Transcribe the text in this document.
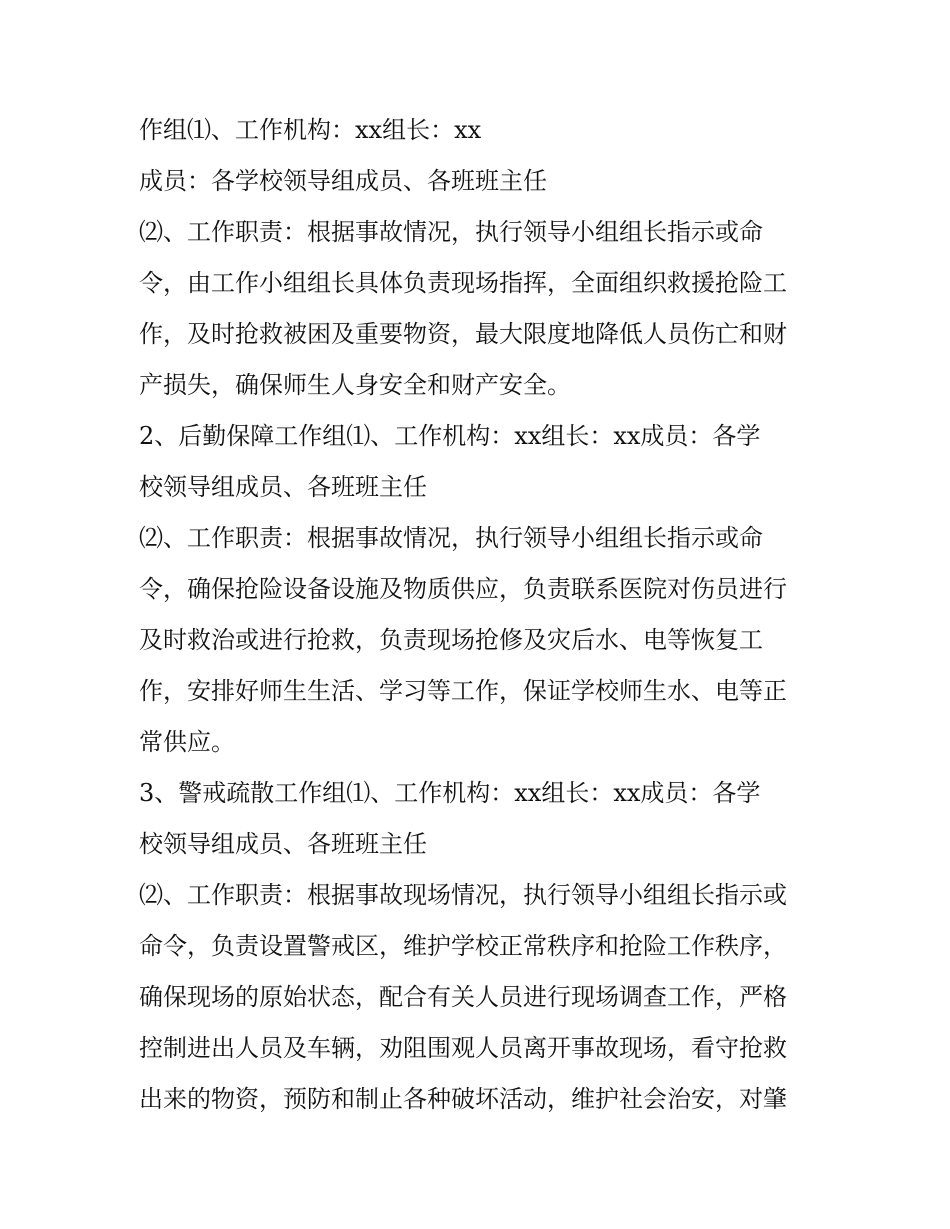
作组⑴、工作机构：xx组长：xx
成员：各学校领导组成员、各班班主任
⑵、工作职责：根据事故情况，执行领导小组组长指示或命
令，由工作小组组长具体负责现场指挥，全面组织救援抢险工
作，及时抢救被困及重要物资，最大限度地降低人员伤亡和财
产损失，确保师生人身安全和财产安全。
2、后勤保障工作组⑴、工作机构：xx组长：xx成员：各学
校领导组成员、各班班主任
⑵、工作职责：根据事故情况，执行领导小组组长指示或命
令，确保抢险设备设施及物质供应，负责联系医院对伤员进行
及时救治或进行抢救，负责现场抢修及灾后水、电等恢复工
作，安排好师生生活、学习等工作，保证学校师生水、电等正
常供应。
3、警戒疏散工作组⑴、工作机构：xx组长：xx成员：各学
校领导组成员、各班班主任
⑵、工作职责：根据事故现场情况，执行领导小组组长指示或
命令，负责设置警戒区，维护学校正常秩序和抢险工作秩序，
确保现场的原始状态，配合有关人员进行现场调查工作，严格
控制进出人员及车辆，劝阻围观人员离开事故现场，看守抢救
出来的物资，预防和制止各种破坏活动，维护社会治安，对肇
